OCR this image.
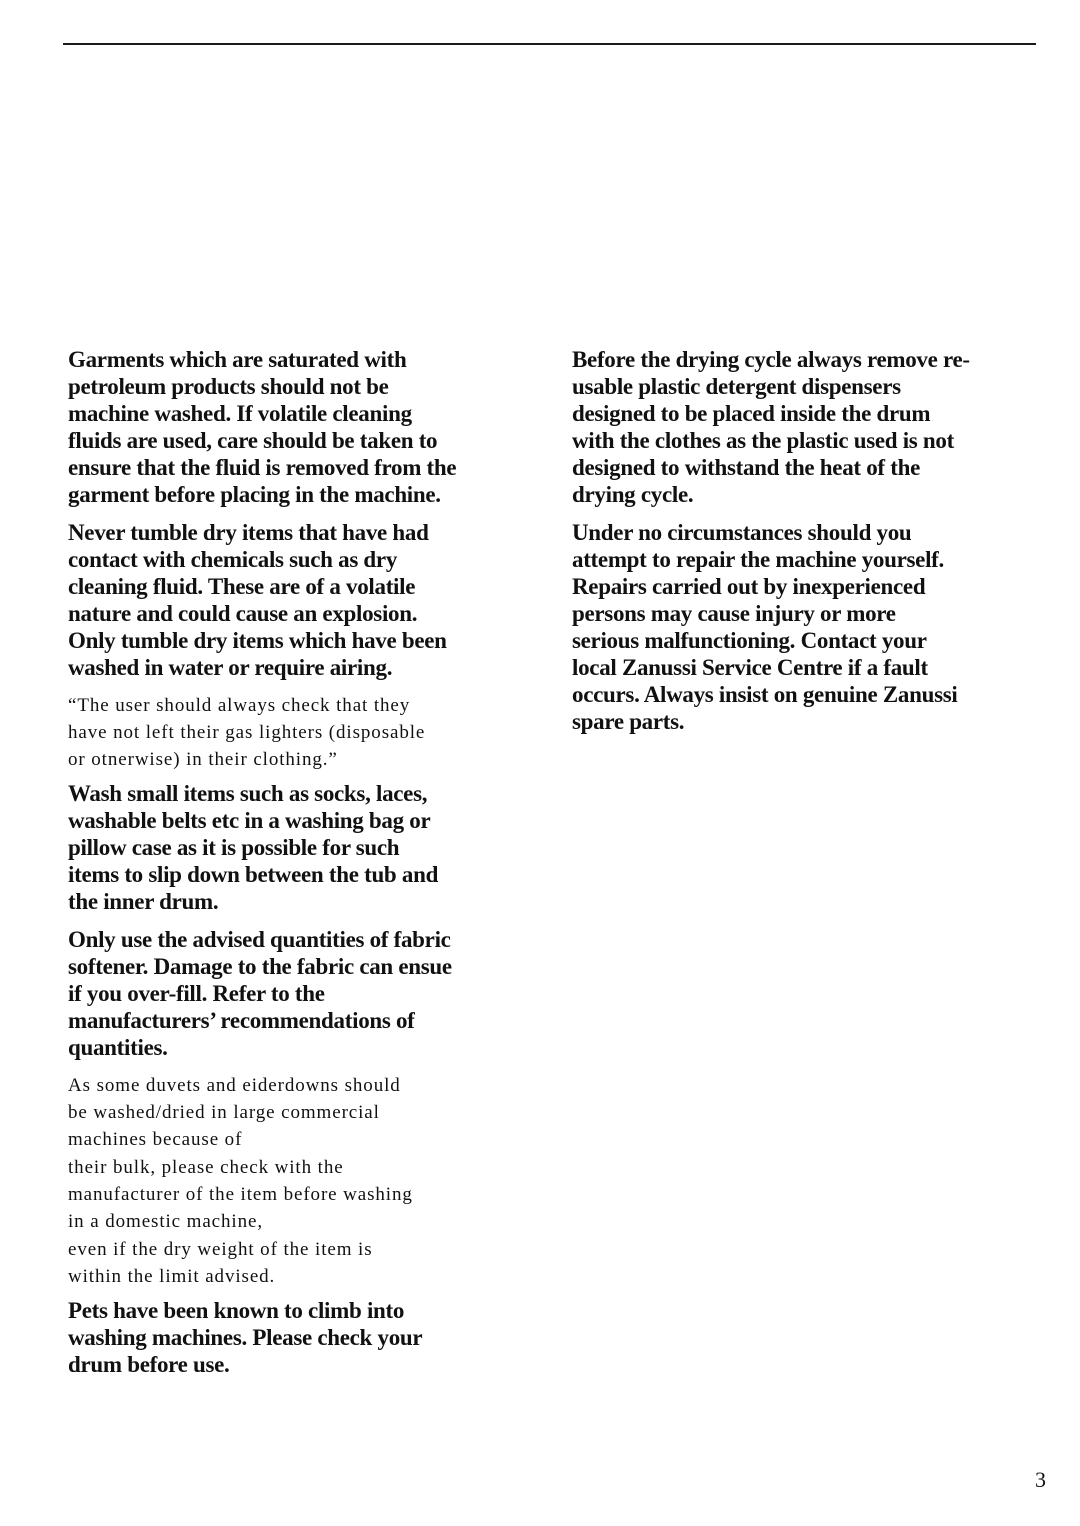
Garments which are saturated with
petroleum products should not be
machine washed. If volatile cleaning
fluids are used, care should be taken to
ensure that the fluid is removed from the
garment before placing in the machine.

Never tumble dry items that have had
contact with chemicals such as dry
cleaning fluid. These are of a volatile
nature and could cause an explosion.
Only tumble dry items which have been
washed in water or require airing.

“The user should always check that they
have not left their gas lighters (disposable
or otnerwise) in their clothing.”

Wash small items such as socks, laces,
washable belts etc in a washing bag or
pillow case as it is possible for such
items to slip down between the tub and
the inner drum.

Only use the advised quantities of fabric
softener. Damage to the fabric can ensue
if you over-fill. Refer to the
manufacturers’ recommendations of
quantities.

As some duvets and eiderdowns should
be washed/dried in large commercial
machines because of

their bulk, please check with the
manufacturer of the item before washing
in a domestic machine,

even if the dry weight of the item is
within the limit advised.

Pets have been known to climb into
washing machines. Please check your
drum before use.

Before the drying cycle always remove re-
usable plastic detergent dispensers
designed to be placed inside the drum
with the clothes as the plastic used is not
designed to withstand the heat of the
drying cycle.

Under no circumstances should you
attempt to repair the machine yourself.
Repairs carried out by inexperienced
persons may cause injury or more
serious malfunctioning. Contact your
local Zanussi Service Centre if a fault
occurs. Always insist on genuine Zanussi
spare parts.

3
